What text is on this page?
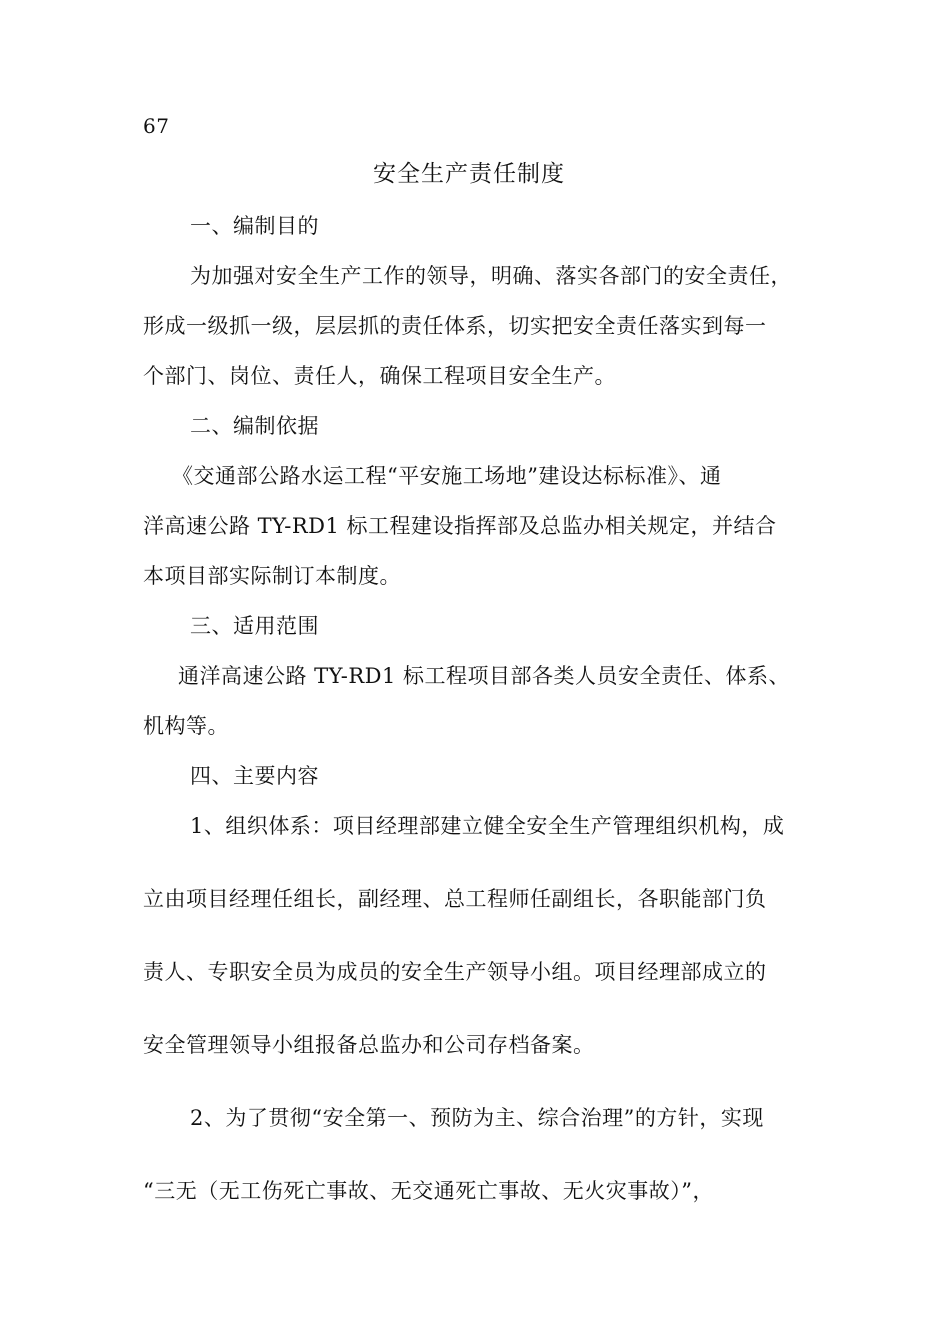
67
安全生产责任制度
一、编制目的
为加强对安全生产工作的领导，明确、落实各部门的安全责任，
形成一级抓一级，层层抓的责任体系，切实把安全责任落实到每一
个部门、岗位、责任人，确保工程项目安全生产。
二、编制依据
《交通部公路水运工程“平安施工场地”建设达标标准》、通
洋高速公路 TY-RD1 标工程建设指挥部及总监办相关规定，并结合
本项目部实际制订本制度。
三、适用范围
通洋高速公路 TY-RD1 标工程项目部各类人员安全责任、体系、
机构等。
四、主要内容
1、组织体系：项目经理部建立健全安全生产管理组织机构，成
立由项目经理任组长，副经理、总工程师任副组长，各职能部门负
责人、专职安全员为成员的安全生产领导小组。项目经理部成立的
安全管理领导小组报备总监办和公司存档备案。
2、为了贯彻“安全第一、预防为主、综合治理”的方针，实现
“三无（无工伤死亡事故、无交通死亡事故、无火灾事故）”，
